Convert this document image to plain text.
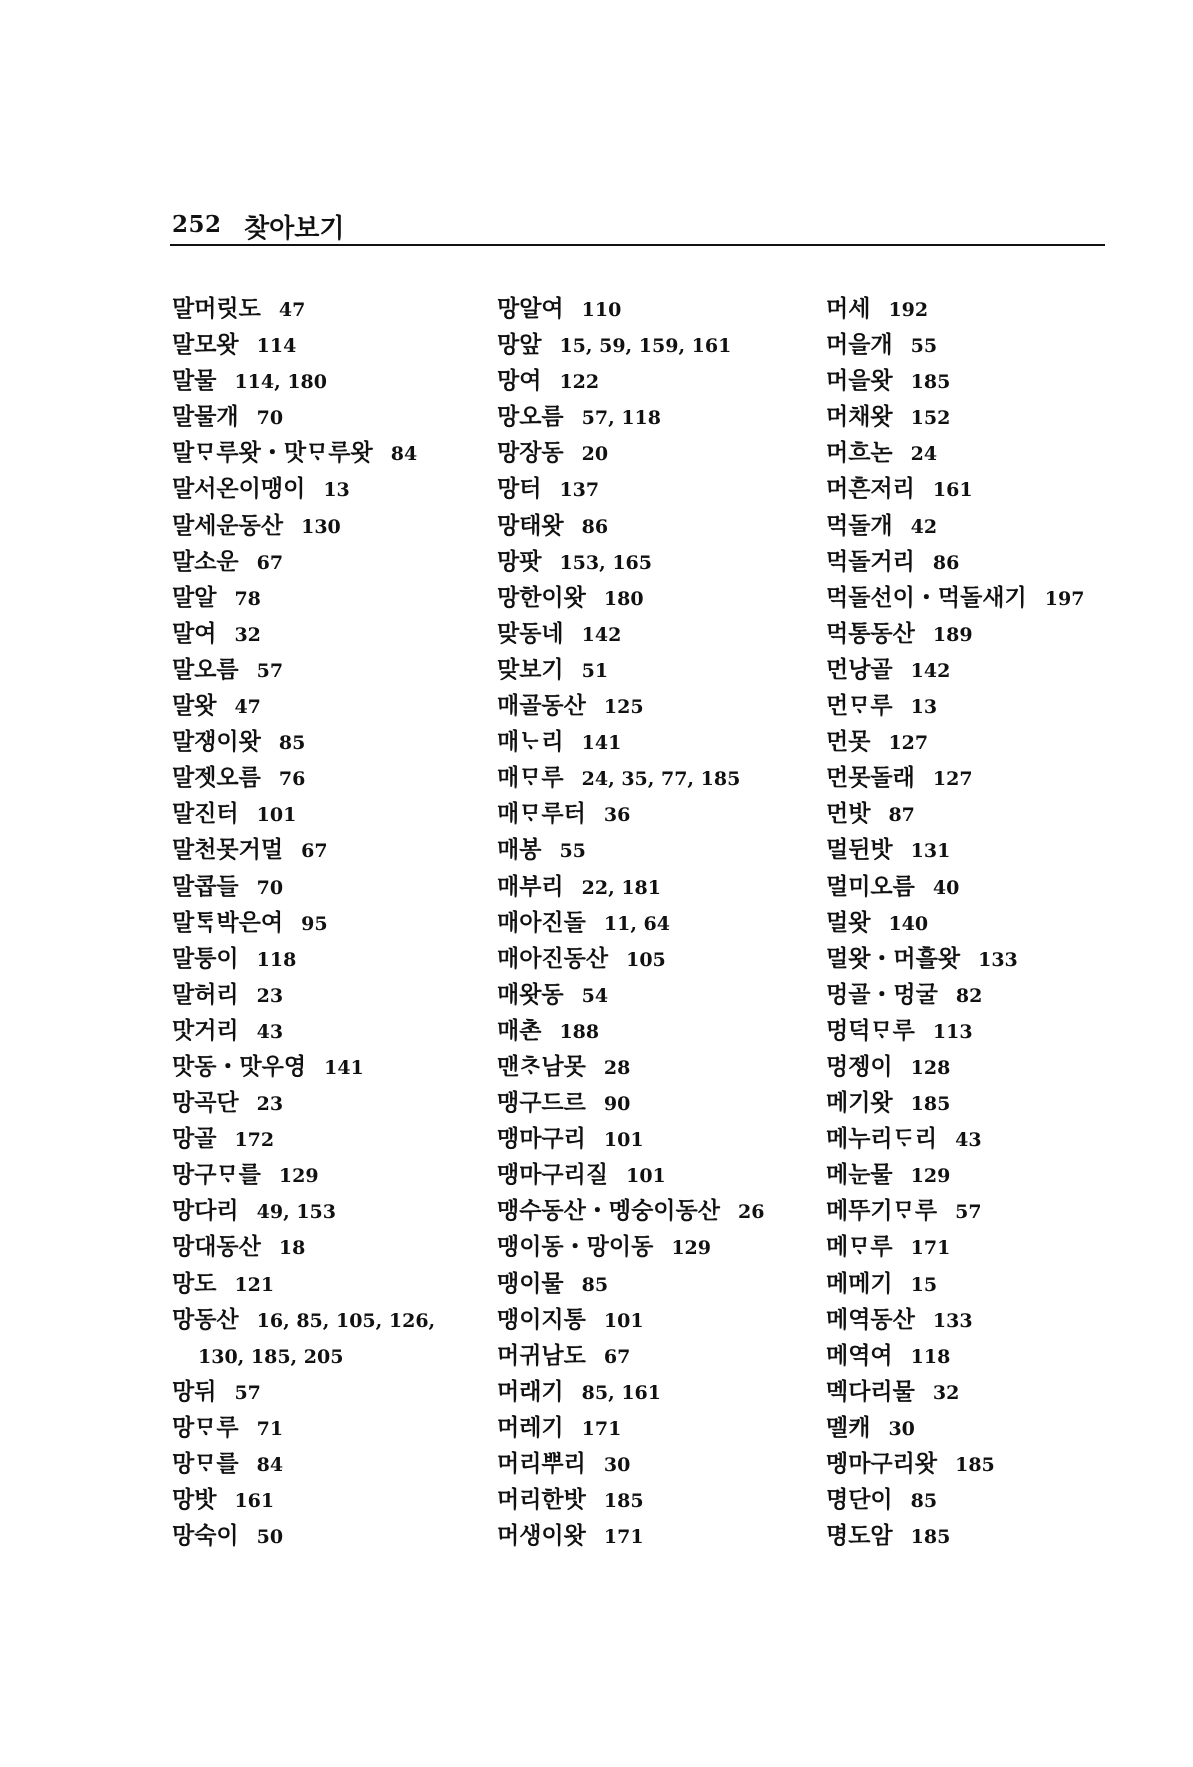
252 찾아보기
말머릿도 47
말모왓 114
말물 114, 180
말물개 70
말ᄆᆞ루왓・맛ᄆᆞ루왓 84
말서온이맹이 13
말세운동산 130
말소운 67
말알 78
말여 32
말오름 57
말왓 47
말쟁이왓 85
말젯오름 76
말진터 101
말천못거멀 67
말콥들 70
말ᄐᆞᆨ박은여 95
말퉁이 118
말허리 23
맛거리 43
맛동・맛우영 141
망곡단 23
망골 172
망구ᄆᆞ를 129
망다리 49, 153
망대동산 18
망도 121
망동산 16, 85, 105, 126,
130, 185, 205
망뒤 57
망ᄆᆞ루 71
망ᄆᆞ를 84
망밧 161
망숙이 50
망알여 110
망앞 15, 59, 159, 161
망여 122
망오름 57, 118
망장동 20
망터 137
망태왓 86
망팟 153, 165
망한이왓 180
맞동네 142
맞보기 51
매골동산 125
매ᄂᆞ리 141
매ᄆᆞ루 24, 35, 77, 185
매ᄆᆞ루터 36
매봉 55
매부리 22, 181
매아진돌 11, 64
매아진동산 105
매왓동 54
매촌 188
맨ᄎᆞ남못 28
맹구드르 90
맹마구리 101
맹마구리질 101
맹수동산・멩숭이동산 26
맹이동・망이동 129
맹이물 85
맹이지통 101
머귀남도 67
머래기 85, 161
머레기 171
머리뿌리 30
머리한밧 185
머생이왓 171
머세 192
머을개 55
머을왓 185
머채왓 152
머흐논 24
머흔저리 161
먹돌개 42
먹돌거리 86
먹돌선이・먹돌새기 197
먹통동산 189
먼낭골 142
먼ᄆᆞ루 13
먼못 127
먼못돌래 127
먼밧 87
멀뒨밧 131
멀미오름 40
멀왓 140
멀왓・머흘왓 133
멍골・멍굴 82
멍덕ᄆᆞ루 113
멍젱이 128
메기왓 185
메누리ᄃᆞ리 43
메눈물 129
메뚜기ᄆᆞ루 57
메ᄆᆞ루 171
메메기 15
메역동산 133
메역여 118
멕다리물 32
멜캐 30
멩마구리왓 185
명단이 85
명도암 185
